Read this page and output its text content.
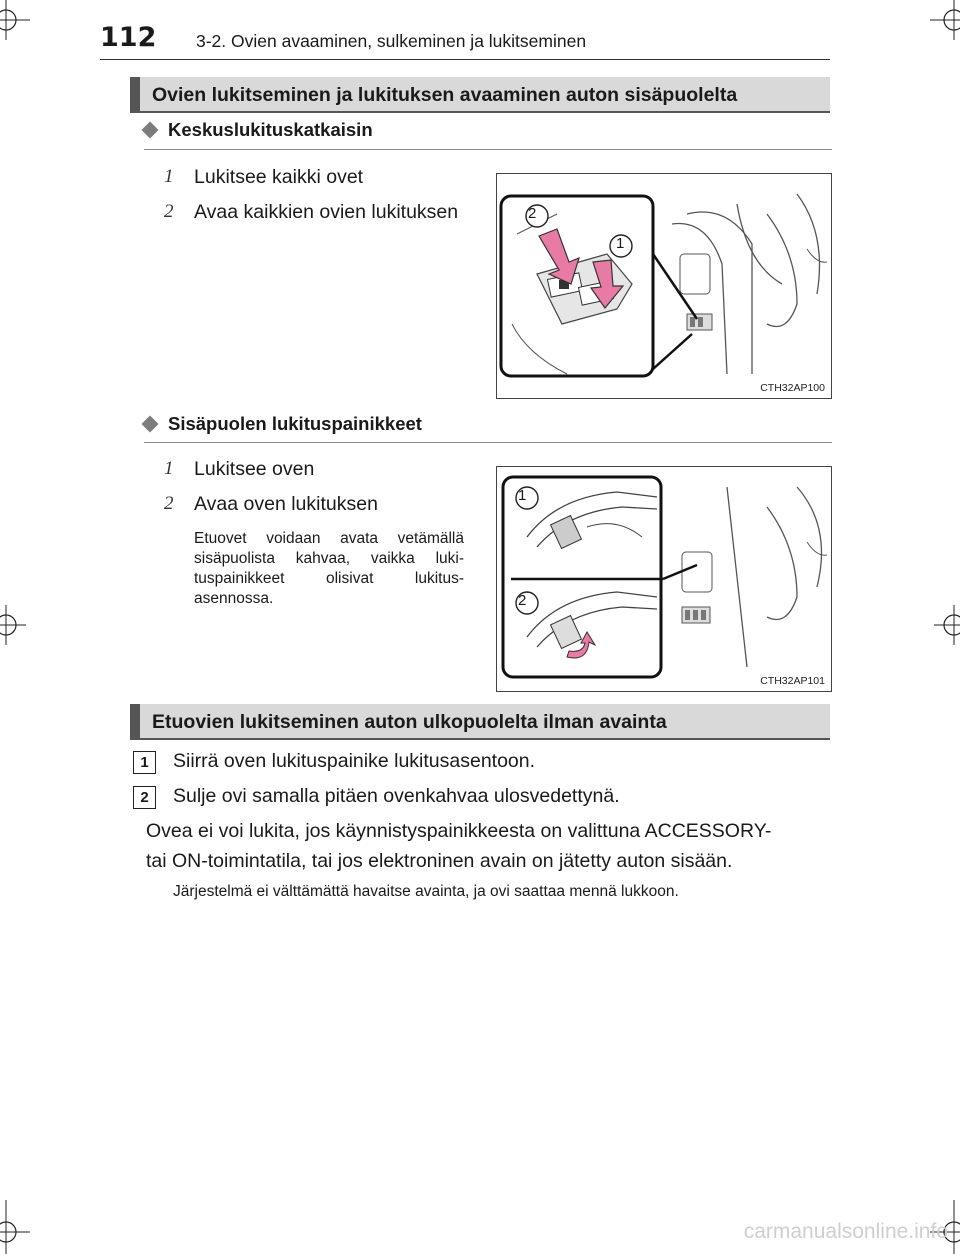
112 3-2. Ovien avaaminen, sulkeminen ja lukitseminen
Ovien lukitseminen ja lukituksen avaaminen auton sisäpuolelta
Keskuslukituskatkaisin
1 Lukitsee kaikki ovet
2 Avaa kaikkien ovien lukituksen	2
1
CTH32AP100
Sisäpuolen lukituspainikkeet
1 Lukitsee oven
2 Avaa oven lukituksen
Etuovet voidaan avata vetämällä sisäpuolista kahvaa, vaikka luki-tuspainikkeet olisivat lukitus-asennossa.
1
2
CTH32AP101
Etuovien lukitseminen auton ulkopuolelta ilman avainta
1	Siirrä oven lukituspainike lukitusasentoon.
2	Sulje ovi samalla pitäen ovenkahvaa ulosvedettynä.
Ovea ei voi lukita, jos käynnistyspainikkeesta on valittuna ACCESSORY-
tai ON-toimintatila, tai jos elektroninen avain on jätetty auton sisään.
Järjestelmä ei välttämättä havaitse avainta, ja ovi saattaa mennä lukkoon.
carmanualsonline.info
